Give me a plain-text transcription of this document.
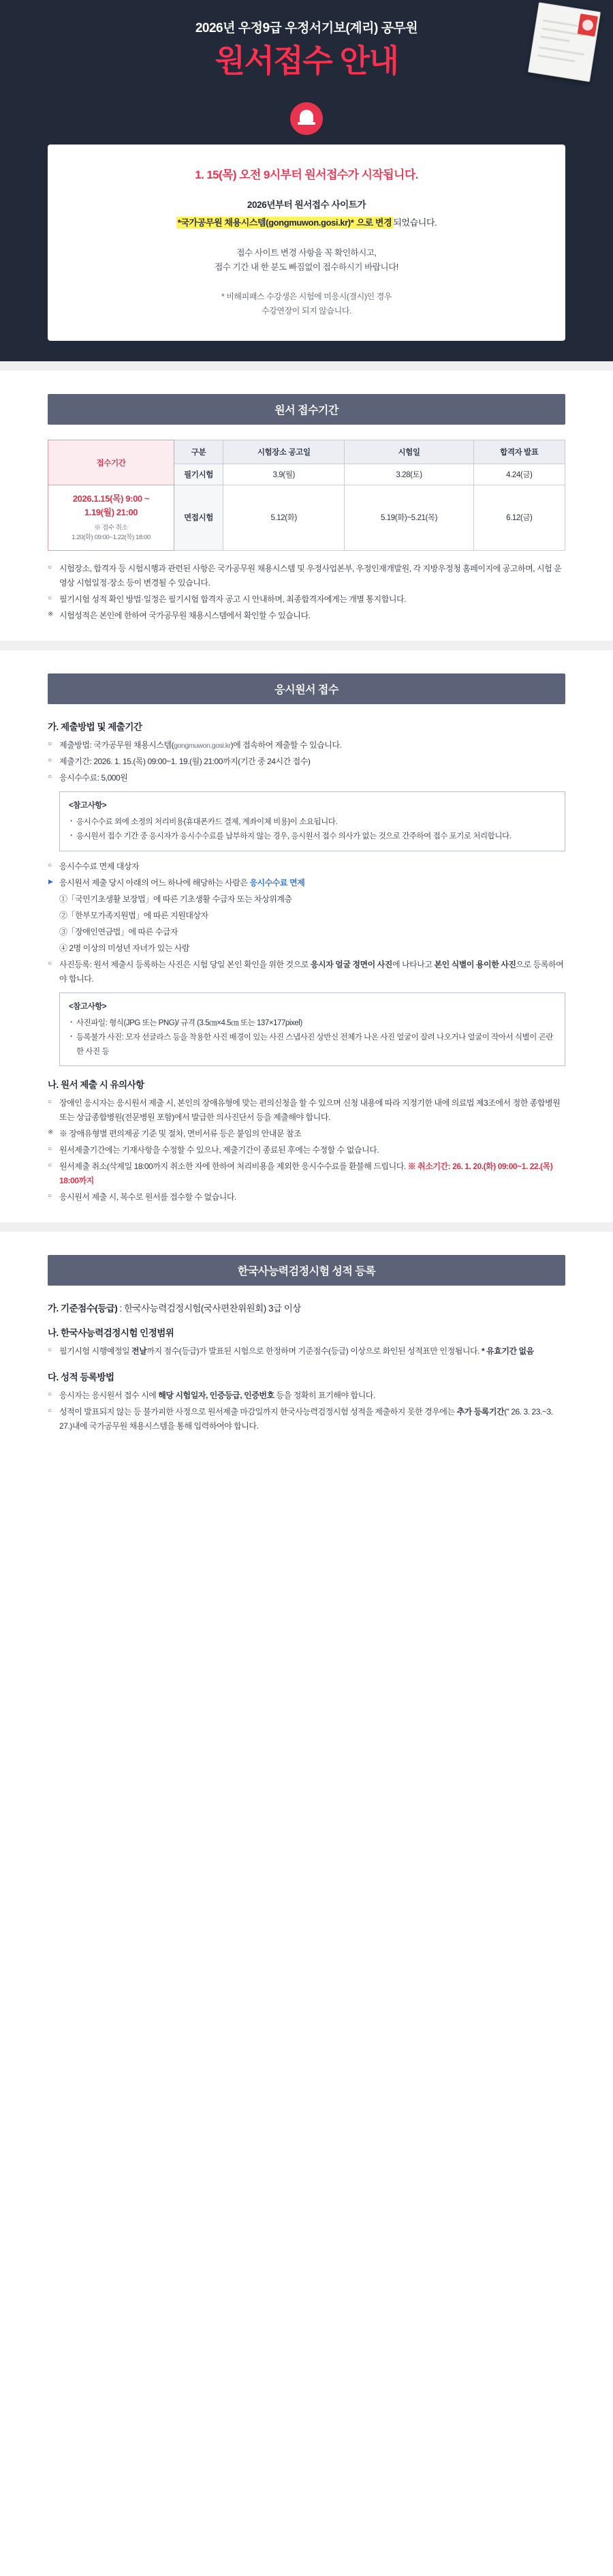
2026년 우정9급 우정서기보(계리) 공무원
원서접수 안내
1. 15(목) 오전 9시부터 원서접수가 시작됩니다.
2026년부터 원서접수 사이트가
*국가공무원 채용시스템(gongmuwon.gosi.kr)* 으로 변경 되었습니다.
접수 사이트 변경 사항을 꼭 확인하시고,
접수 기간 내 한 분도 빠짐없이 접수하시기 바랍니다!
* 비해피패스 수강생은 시험에 미응시(결시)인 경우
수강연장이 되지 않습니다.
원서 접수기간
접수기간	구분	시험장소 공고일	시험일	합격자 발표
	필기시험	3.9(월)	3.28(토)	4.24(금)

2026.1.15(목) 9:00 ~
1.19(월) 21:00
※ 접수 취소
1.20(화) 09:00~1.22(목) 18:00	면접시험	5.12(화)	5.19(화)~5.21(목)	6.12(금)
○ 시험장소, 합격자 등 시험시행과 관련된 사항은 국가공무원 채용시스템 및 우정사업본부, 우정인재개발원, 각 지방우정청 홈페이지에 공고하며, 시험 운영상 시험일정·장소 등이 변경될 수 있습니다.
○ 필기시험 성적 확인 방법·일정은 필기시험 합격자 공고 시 안내하며, 최종합격자에게는 개별 통지합니다.
※ 시험성적은 본인에 한하여 국가공무원 채용시스템에서 확인할 수 있습니다.
응시원서 접수
가. 제출방법 및 제출기간
○ 제출방법: 국가공무원 채용시스템(gongmuwon.gosi.kr)에 접속하여 제출할 수 있습니다.
○ 제출기간: 2026. 1. 15.(목) 09:00~1. 19.(월) 21:00까지(기간 중 24시간 접수)
○ 응시수수료: 5,000원
<참고사항>
· 응시수수료 외에 소정의 처리비용(휴대폰카드 결제, 계좌이체 비용)이 소요됩니다.
· 응시원서 접수 기간 중 응시자가 응시수수료를 납부하지 않는 경우, 응시원서 접수 의사가 없는 것으로 간주하여 접수 포기로 처리합니다.
○ 응시수수료 면제 대상자
▶ 응시원서 제출 당시 아래의 어느 하나에 해당하는 사람은 응시수수료 면제
①「국민기초생활 보장법」에 따른 기초생활 수급자 또는 차상위계층
②「한부모가족지원법」에 따른 지원대상자
③「장애인연금법」에 따른 수급자
④ 2명 이상의 미성년 자녀가 있는 사람
○ 사진등록: 원서 제출시 등록하는 사진은 시험 당일 본인 확인을 위한 것으로 응시자 얼굴 정면이 사진에 나타나고 본인 식별이 용이한 사진으로 등록하여야 합니다.
<참고사항>
· 사진파일: 형식(JPG 또는 PNG)/ 규격 (3.5㎝×4.5㎝ 또는 137×177pixel)
· 등록불가 사진: 모자 선글라스 등을 착용한 사진 배경이 있는 사진 스냅사진 상반신 전체가 나온 사진 얼굴이 잘려 나오거나 얼굴이 작아서 식별이 곤란한 사진 등
나. 원서 제출 시 유의사항
○ 장애인 응시자는 응시원서 제출 시, 본인의 장애유형에 맞는 편의신청을 할 수 있으며 신청 내용에 따라 지정기한 내에 의료법 제3조에서 정한 종합병원 또는 상급종합병원(전문병원 포함)에서 발급한 의사진단서 등을 제출해야 합니다.
※ ※ 장애유형별 편의제공 기준 및 절차, 면비서류 등은 붙임의 안내문 참조
○ 원서제출기간에는 기재사항을 수정할 수 있으나, 제출기간이 종료된 후에는 수정할 수 없습니다.
○ 원서제출 취소(삭제일 18:00까지 취소한 자에 한하여 처리비용을 제외한 응시수수료를 환불해 드립니다. ※ 취소기간: 26. 1. 20.(화) 09:00~1. 22.(목) 18:00까지
○ 응시원서 제출 시, 복수로 원서를 접수할 수 없습니다.
한국사능력검정시험 성적 등록
가. 기준점수(등급) : 한국사능력검정시험(국사편찬위원회) 3급 이상
나. 한국사능력검정시험 인정범위
○ 필기시험 시행예정일 전날까지 점수(등급)가 발표된 시험으로 한정하며 기준점수(등급) 이상으로 화인된 성적표만 인정됩니다. * 유효기간 없음
다. 성적 등록방법
○ 응시자는 응시원서 접수 시에 해당 시험일자, 인증등급, 인증번호 등을 정확히 표기해야 합니다.
○ 성적이 발표되지 않는 등 불가피한 사정으로 원서제출 마감일까지 한국사능력검정시험 성적을 제출하지 못한 경우에는 추가 등록기간('' 26. 3. 23.~3. 27.)내에 국가공무원 채용시스템을 통해 입력하여야 합니다.
